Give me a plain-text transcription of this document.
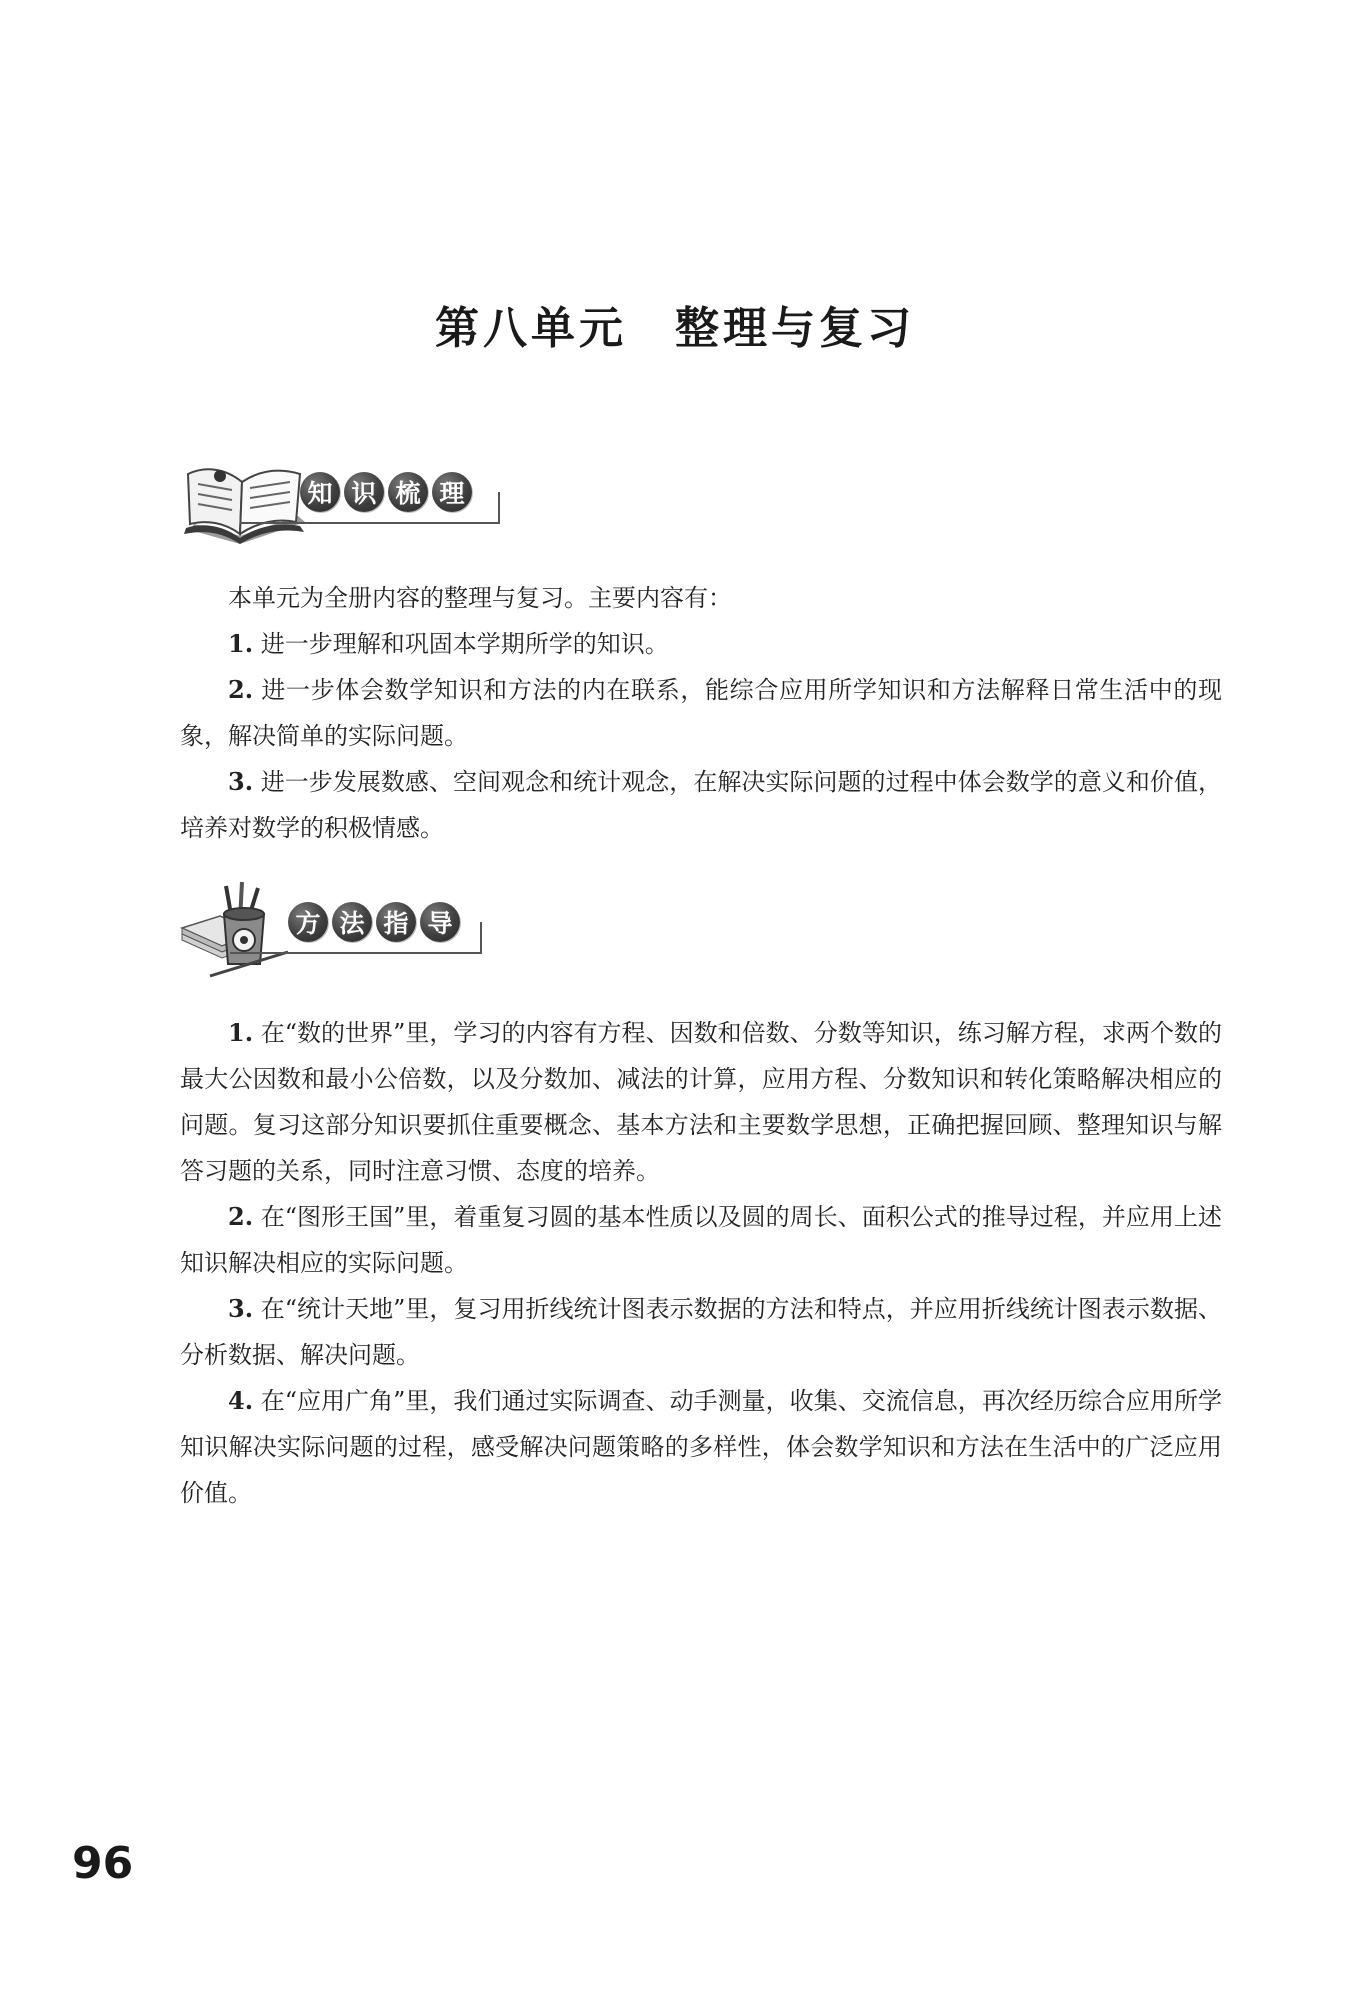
第八单元 整理与复习
知 识 梳 理
本单元为全册内容的整理与复习。主要内容有：
1. 进一步理解和巩固本学期所学的知识。
2. 进一步体会数学知识和方法的内在联系，能综合应用所学知识和方法解释日常生活中的现象，解决简单的实际问题。
3. 进一步发展数感、空间观念和统计观念，在解决实际问题的过程中体会数学的意义和价值，培养对数学的积极情感。
方 法 指 导
1. 在“数的世界”里，学习的内容有方程、因数和倍数、分数等知识，练习解方程，求两个数的最大公因数和最小公倍数，以及分数加、减法的计算，应用方程、分数知识和转化策略解决相应的问题。复习这部分知识要抓住重要概念、基本方法和主要数学思想，正确把握回顾、整理知识与解答习题的关系，同时注意习惯、态度的培养。
2. 在“图形王国”里，着重复习圆的基本性质以及圆的周长、面积公式的推导过程，并应用上述知识解决相应的实际问题。
3. 在“统计天地”里，复习用折线统计图表示数据的方法和特点，并应用折线统计图表示数据、分析数据、解决问题。
4. 在“应用广角”里，我们通过实际调查、动手测量，收集、交流信息，再次经历综合应用所学知识解决实际问题的过程，感受解决问题策略的多样性，体会数学知识和方法在生活中的广泛应用价值。
96
